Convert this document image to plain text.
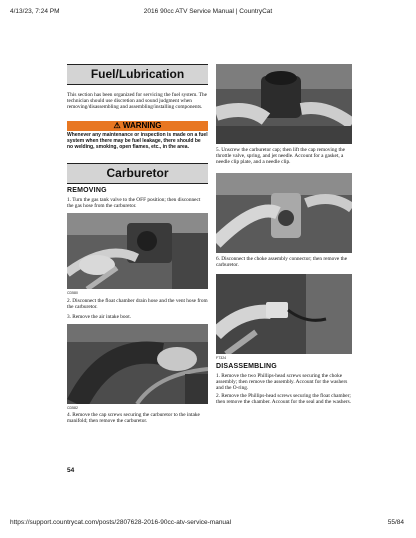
4/13/23, 7:24 PM	2016 90cc ATV Service Manual | CountryCat
https://support.countrycat.com/posts/2807628-2016-90cc-atv-service-manual	55/84
Fuel/Lubrication
This section has been organized for servicing the fuel system. The technician should use discretion and sound judgment when removing/disassembling and assembling/installing components.
⚠ WARNING
Whenever any maintenance or inspection is made on a fuel system when there may be fuel leakage, there should be no welding, smoking, open flames, etc., in the area.
Carburetor
REMOVING
1. Turn the gas tank valve to the OFF position; then disconnect the gas hose from the carburetor.
CD580
2. Disconnect the float chamber drain hose and the vent hose from the carburetor.
3. Remove the air intake boot.
CD582
4. Remove the cap screws securing the carburetor to the intake manifold; then remove the carburetor.
54
5. Unscrew the carburetor cap; then lift the cap removing the throttle valve, spring, and jet needle. Account for a gasket, a needle clip plate, and a needle clip.
6. Disconnect the choke assembly connector; then remove the carburetor.
FT324
DISASSEMBLING
1. Remove the two Phillips-head screws securing the choke assembly; then remove the assembly. Account for the washers and the O-ring.
2. Remove the Phillips-head screws securing the float chamber; then remove the chamber. Account for the seal and the washers.
